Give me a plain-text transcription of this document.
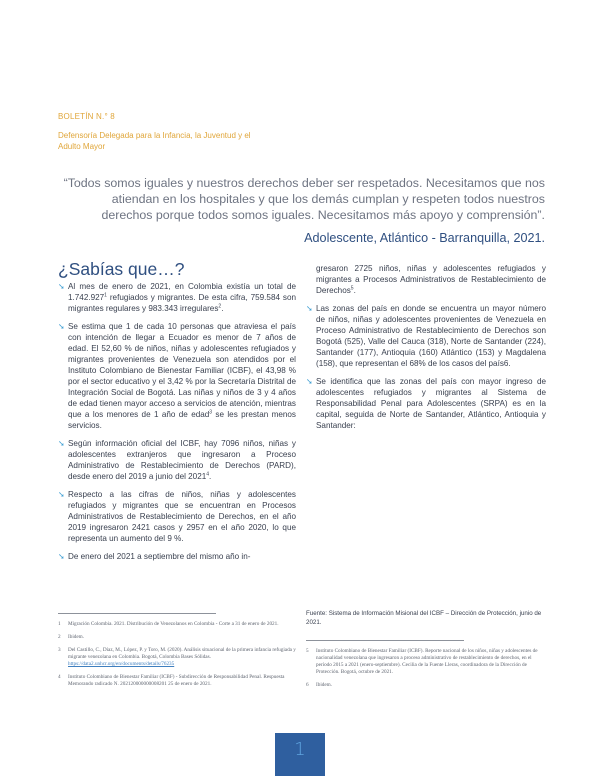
BOLETÍN N.° 8
Defensoría Delegada para la Infancia, la Juventud y el Adulto Mayor
“Todos somos iguales y nuestros derechos deber ser respetados. Necesitamos que nos atiendan en los hospitales y que los demás cumplan y respeten todos nuestros derechos porque todos somos iguales. Necesitamos más apoyo y comprensión”.
Adolescente, Atlántico - Barranquilla, 2021.
¿Sabías que…?
➘ Al mes de enero de 2021, en Colombia existía un total de 1.742.927$^1$ refugiados y migrantes. De esta cifra, 759.584 son migrantes regulares y 983.343 irregulares$^2$.
➘ Se estima que 1 de cada 10 personas que atraviesa el país con intención de llegar a Ecuador es menor de 7 años de edad. El 52,60 % de niños, niñas y adolescentes refugiados y migrantes provenientes de Venezuela son atendidos por el Instituto Colombiano de Bienestar Familiar (ICBF), el 43,98 % por el sector educativo y el 3,42 % por la Secretaría Distrital de Integración Social de Bogotá. Las niñas y niños de 3 y 4 años de edad tienen mayor acceso a servicios de atención, mientras que a los menores de 1 año de edad$^3$ se les prestan menos servicios.
➘ Según información oficial del ICBF, hay 7096 niños, niñas y adolescentes extranjeros que ingresaron a Proceso Administrativo de Restablecimiento de Derechos (PARD), desde enero del 2019 a junio del 2021$^4$.
➘ Respecto a las cifras de niños, niñas y adolescentes refugiados y migrantes que se encuentran en Procesos Administrativos de Restablecimiento de Derechos, en el año 2019 ingresaron 2421 casos y 2957 en el año 2020, lo que representa un aumento del 9 %.
➘ De enero del 2021 a septiembre del mismo año in-
gresaron 2725 niños, niñas y adolescentes refugiados y migrantes a Procesos Administrativos de Restablecimiento de Derechos$^5$.
➘ Las zonas del país en donde se encuentra un mayor número de niños, niñas y adolescentes provenientes de Venezuela en Proceso Administrativo de Restablecimiento de Derechos son Bogotá (525), Valle del Cauca (318), Norte de Santander (224), Santander (177), Antioquia (160) Atlántico (153) y Magdalena (158), que representan el 68% de los casos del país6.
➘ Se identifica que las zonas del país con mayor ingreso de adolescentes refugiados y migrantes al Sistema de Responsabilidad Penal para Adolescentes (SRPA) es en la capital, seguida de Norte de Santander, Atlántico, Antioquia y Santander:
Fuente: Sistema de Información Misional del ICBF – Dirección de Protección, junio de 2021.
1	Migración Colombia. 2021. Distribución de Venezolanos en Colombia - Corte a 31 de enero de 2021.
2	Ibidem.
3	Del Castillo, C., Díaz, M., López, P. y Toro, M. (2020). Análisis situacional de la primera infancia refugiada y migrante venezolana en Colombia. Bogotá, Colombia Bases Sólidas. https://data2.unhcr.org/en/documents/details/76235
4	Instituto Colombiano de Bienestar Familiar (ICBF) - Subdirección de Responsabilidad Penal. Respuesta Memorando radicado N. 202120000000008201 25 de enero de 2021.
5	Instituto Colombiano de Bienestar Familiar (ICBF). Reporte nacional de los niños, niñas y adolescentes de nacionalidad venezolana que ingresaron a proceso administrativo de restablecimiento de derechos, en el período 2015 a 2021 (enero-septiembre). Cecilia de la Fuente Lleras, coordinadora de la Dirección de Protección. Bogotá, octubre de 2021.
6	Ibidem.
1
